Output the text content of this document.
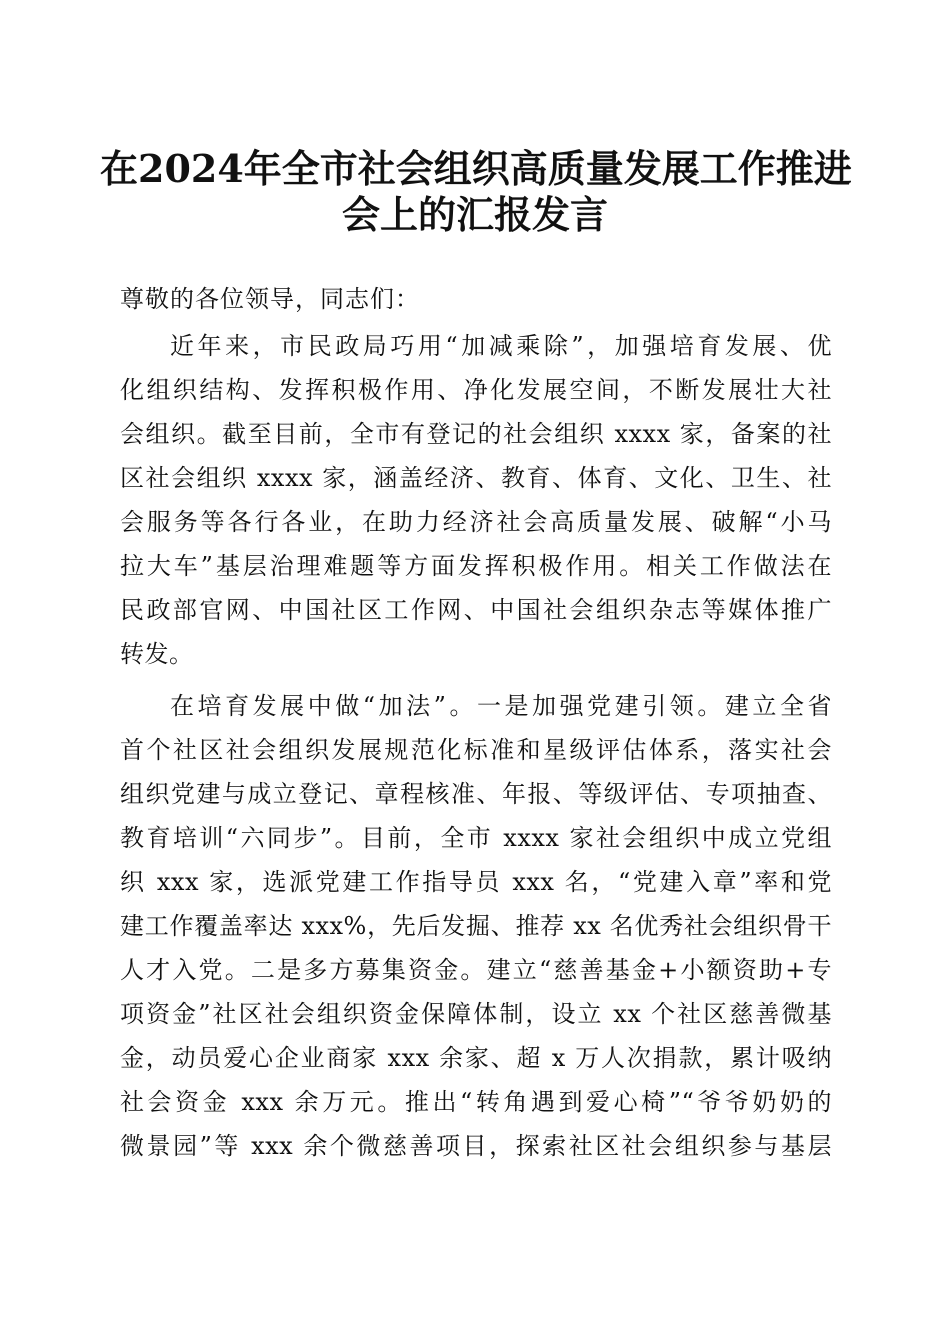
在2024年全市社会组织高质量发展工作推进
会上的汇报发言
尊敬的各位领导，同志们：
近年来，市民政局巧用“加减乘除”，加强培育发展、优
化组织结构、发挥积极作用、净化发展空间，不断发展壮大社
会组织。截至目前，全市有登记的社会组织 xxxx 家，备案的社
区社会组织 xxxx 家，涵盖经济、教育、体育、文化、卫生、社
会服务等各行各业，在助力经济社会高质量发展、破解“小马
拉大车”基层治理难题等方面发挥积极作用。相关工作做法在
民政部官网、中国社区工作网、中国社会组织杂志等媒体推广
转发。
在培育发展中做“加法”。一是加强党建引领。建立全省
首个社区社会组织发展规范化标准和星级评估体系，落实社会
组织党建与成立登记、章程核准、年报、等级评估、专项抽查、
教育培训“六同步”。目前，全市 xxxx 家社会组织中成立党组
织 xxx 家，选派党建工作指导员 xxx 名，“党建入章”率和党
建工作覆盖率达 xxx%，先后发掘、推荐 xx 名优秀社会组织骨干
人才入党。二是多方募集资金。建立“慈善基金+小额资助+专
项资金”社区社会组织资金保障体制，设立 xx 个社区慈善微基
金，动员爱心企业商家 xxx 余家、超 x 万人次捐款，累计吸纳
社会资金 xxx 余万元。推出“转角遇到爱心椅”“爷爷奶奶的
微景园”等 xxx 余个微慈善项目，探索社区社会组织参与基层
